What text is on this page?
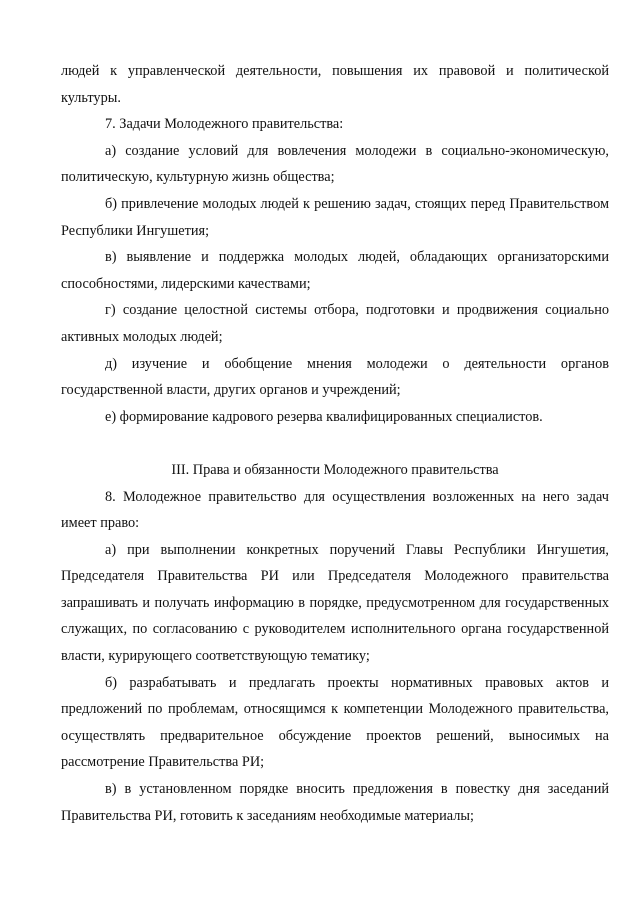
людей к управленческой деятельности, повышения их правовой и политической культуры.

7. Задачи Молодежного правительства:

а) создание условий для вовлечения молодежи в социально-экономическую, политическую, культурную жизнь общества;

б) привлечение молодых людей к решению задач, стоящих перед Правительством Республики Ингушетия;

в) выявление и поддержка молодых людей, обладающих организаторскими способностями, лидерскими качествами;

г) создание целостной системы отбора, подготовки и продвижения социально активных молодых людей;

д) изучение и обобщение мнения молодежи о деятельности органов государственной власти, других органов и учреждений;

е) формирование кадрового резерва квалифицированных специалистов.

III. Права и обязанности Молодежного правительства

8. Молодежное правительство для осуществления возложенных на него задач имеет право:

а) при выполнении конкретных поручений Главы Республики Ингушетия, Председателя Правительства РИ или Председателя Молодежного правительства запрашивать и получать информацию в порядке, предусмотренном для государственных служащих, по согласованию с руководителем исполнительного органа государственной власти, курирующего соответствующую тематику;

б) разрабатывать и предлагать проекты нормативных правовых актов и предложений по проблемам, относящимся к компетенции Молодежного правительства, осуществлять предварительное обсуждение проектов решений, выносимых на рассмотрение Правительства РИ;

в) в установленном порядке вносить предложения в повестку дня заседаний Правительства РИ, готовить к заседаниям необходимые материалы;
